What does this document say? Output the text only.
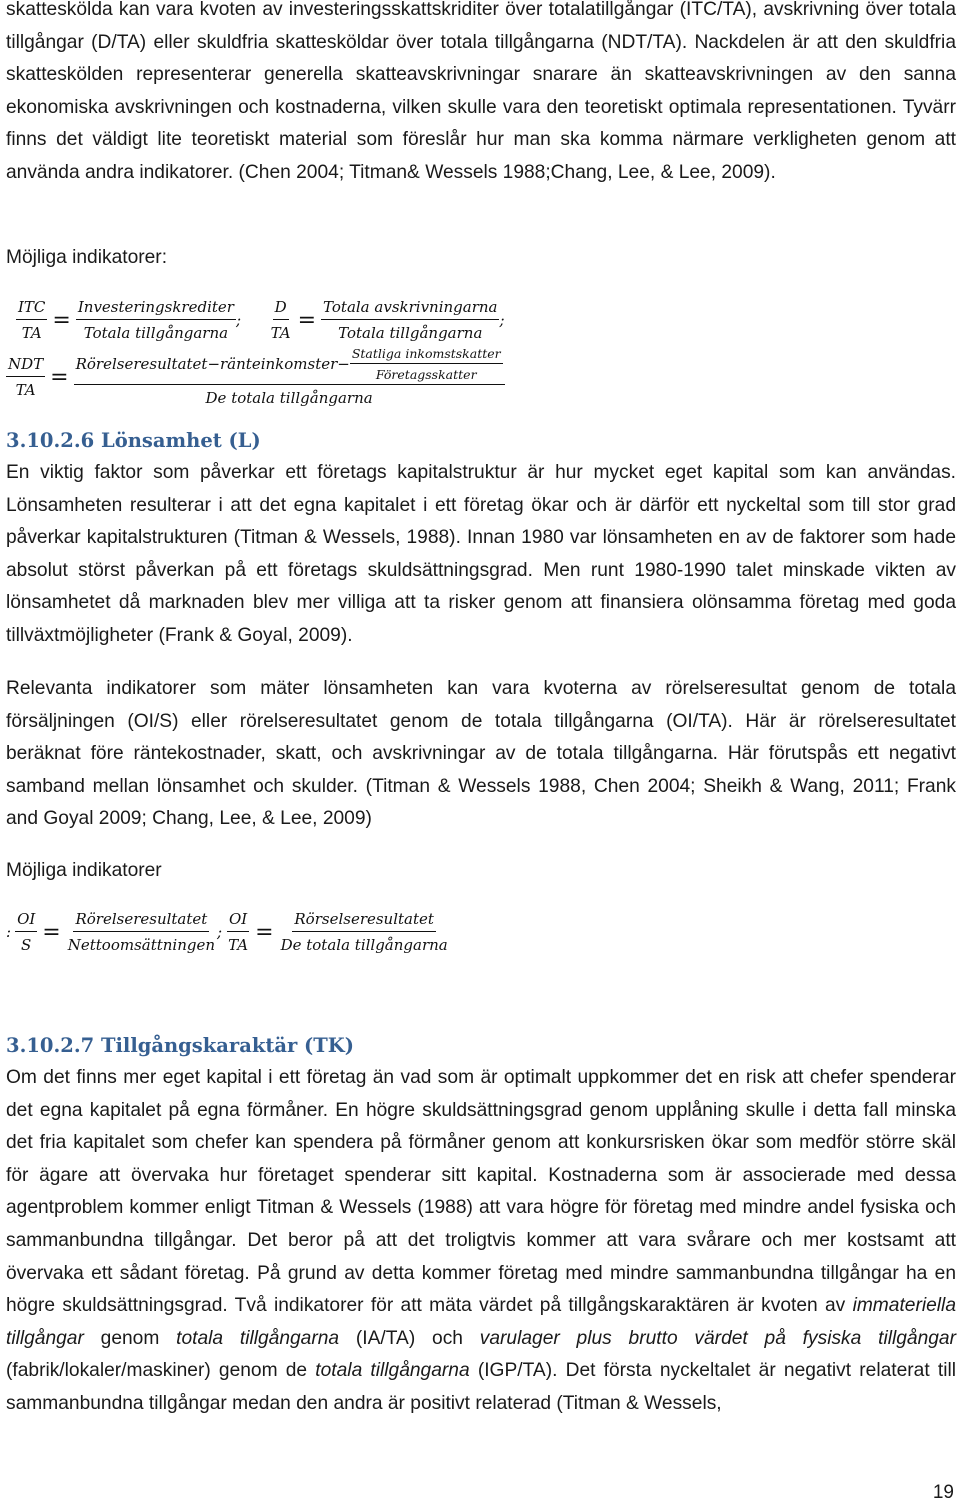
skattesköldа kan vara kvoten av investeringsskattskriditer över totalatillgångar (ITC/TA), avskrivning över totala tillgångar (D/TA) eller skuldfria skattesköldar över totala tillgångarna (NDT/TA). Nackdelen är att den skuldfria skatteskölden representerar generella skatteavskrivningar snarare än skatteavskrivningen av den sanna ekonomiska avskrivningen och kostnaderna, vilken skulle vara den teoretiskt optimala representationen. Tyvärr finns det väldigt lite teoretiskt material som föreslår hur man ska komma närmare verkligheten genom att använda andra indikatorer. (Chen 2004; Titman& Wessels 1988;Chang, Lee, & Lee, 2009).

Möjliga indikatorer:
$\frac{\text{ITC}}{TA} = \frac{\text{Investeringskrediter}}{\text{Totala tillgångarna}}$ ; $\frac{D}{TA} = \frac{\text{Totala avskrivningarna}}{\text{Totala tillgångarna}}$ ;
$\frac{\text{NDT}}{TA}$ =
Rörelseresultatet−ränteinkomster− $\frac{\text{Statliga inkomstskatter}}{\text{Företagsskatter}}$
De totala tillgångarna
3.10.2.6 Lönsamhet (L)

En viktig faktor som påverkar ett företags kapitalstruktur är hur mycket eget kapital som kan användas. Lönsamheten resulterar i att det egna kapitalet i ett företag ökar och är därför ett nyckeltal som till stor grad påverkar kapitalstrukturen (Titman & Wessels, 1988). Innan 1980 var lönsamheten en av de faktorer som hade absolut störst påverkan på ett företags skuldsättningsgrad. Men runt 1980-1990 talet minskade vikten av lönsamhetet då marknaden blev mer villiga att ta risker genom att finansiera olönsamma företag med goda tillväxtmöjligheter (Frank & Goyal, 2009).

Relevanta indikatorer som mäter lönsamheten kan vara kvoterna av rörelseresultat genom de totala försäljningen (OI/S) eller rörelseresultatet genom de totala tillgångarna (OI/TA). Här är rörelseresultatet beräknat före räntekostnader, skatt, och avskrivningar av de totala tillgångarna. Här förutspås ett negativt samband mellan lönsamhet och skulder. (Titman & Wessels 1988, Chen 2004; Sheikh & Wang, 2011; Frank and Goyal 2009; Chang, Lee, & Lee, 2009)

Möjliga indikatorer
: $\frac{OI}{S} = \frac{\text{Rörelseresultatet}}{\text{Nettoomsättningen}}$ ; $\frac{OI}{TA} = \frac{\text{Rörselseresultatet}}{\text{De totala tillgångarna}}$
3.10.2.7 Tillgångskaraktär (TK)

Om det finns mer eget kapital i ett företag än vad som är optimalt uppkommer det en risk att chefer spenderar det egna kapitalet på egna förmåner. En högre skuldsättningsgrad genom upplåning skulle i detta fall minska det fria kapitalet som chefer kan spendera på förmåner genom att konkursrisken ökar som medför större skäl för ägare att övervaka hur företaget spenderar sitt kapital. Kostnaderna som är associerade med dessa agentproblem kommer enligt Titman & Wessels (1988) att vara högre för företag med mindre andel fysiska och sammanbundna tillgångar. Det beror på att det troligtvis kommer att vara svårare och mer kostsamt att övervaka ett sådant företag. På grund av detta kommer företag med mindre sammanbundna tillgångar ha en högre skuldsättningsgrad. Två indikatorer för att mäta värdet på tillgångskaraktären är kvoten av immateriella tillgångar genom totala tillgångarna (IA/TA) och varulager plus brutto värdet på fysiska tillgångar (fabrik/lokaler/maskiner) genom de totala tillgångarna (IGP/TA). Det första nyckeltalet är negativt relaterat till sammanbundna tillgångar medan den andra är positivt relaterad (Titman & Wessels,

19
